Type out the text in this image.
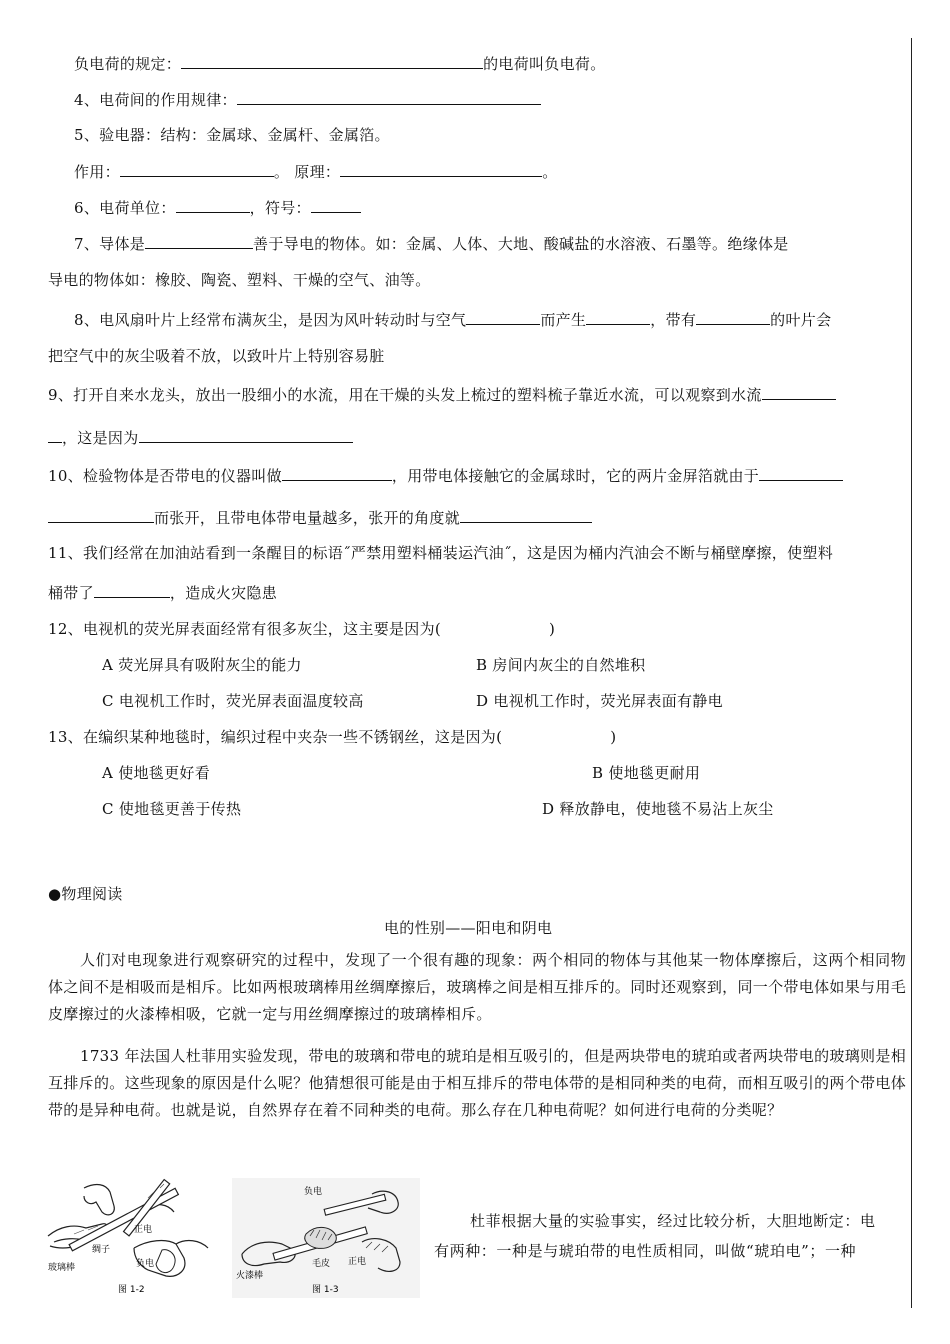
负电荷的规定：	的电荷叫负电荷。
4、电荷间的作用规律：
5、验电器：结构：金属球、金属杆、金属箔。
作用：	。 原理：	。
6、电荷单位：	，符号：
7、导体是	善于导电的物体。如：金属、人体、大地、酸碱盐的水溶液、石墨等。绝缘体是
导电的物体如：橡胶、陶瓷、塑料、干燥的空气、油等。
8、电风扇叶片上经常布满灰尘，是因为风叶转动时与空气	而产生	，带有	的叶片会
把空气中的灰尘吸着不放，以致叶片上特别容易脏
9、打开自来水龙头，放出一股细小的水流，用在干燥的头发上梳过的塑料梳子靠近水流，可以观察到水流
，这是因为
10、检验物体是否带电的仪器叫做	，用带电体接触它的金属球时，它的两片金屏箔就由于
而张开，且带电体带电量越多，张开的角度就
11、我们经常在加油站看到一条醒目的标语˝严禁用塑料桶装运汽油˝，这是因为桶内汽油会不断与桶壁摩擦，使塑料
桶带了	，造成火灾隐患
12、电视机的荧光屏表面经常有很多灰尘，这主要是因为(	)
A 荧光屏具有吸附灰尘的能力	B 房间内灰尘的自然堆积
C 电视机工作时，荧光屏表面温度较高	D 电视机工作时，荧光屏表面有静电
13、在编织某种地毯时，编织过程中夹杂一些不锈钢丝，这是因为(	)
A 使地毯更好看	B 使地毯更耐用
C 使地毯更善于传热	D 释放静电，使地毯不易沾上灰尘
●物理阅读
电的性别——阳电和阴电

人们对电现象进行观察研究的过程中，发现了一个很有趣的现象：两个相同的物体与其他某一物体摩擦后，这两个相同物体之间不是相吸而是相斥。比如两根玻璃棒用丝绸摩擦后，玻璃棒之间是相互排斥的。同时还观察到，同一个带电体如果与用毛皮摩擦过的火漆棒相吸，它就一定与用丝绸摩擦过的玻璃棒相斥。

1733 年法国人杜菲用实验发现，带电的玻璃和带电的琥珀是相互吸引的，但是两块带电的琥珀或者两块带电的玻璃则是相互排斥的。这些现象的原因是什么呢？他猜想很可能是由于相互排斥的带电体带的是相同种类的电荷，而相互吸引的两个带电体带的是异种电荷。也就是说，自然界存在着不同种类的电荷。那么存在几种电荷呢？如何进行电荷的分类呢？

杜菲根据大量的实验事实，经过比较分析，大胆地断定：电
有两种：一种是与琥珀带的电性质相同，叫做“琥珀电”；一种
绸子
正电
负电
玻璃棒
图 1-2
负电
火漆棒
毛皮 正电
图 1-3
